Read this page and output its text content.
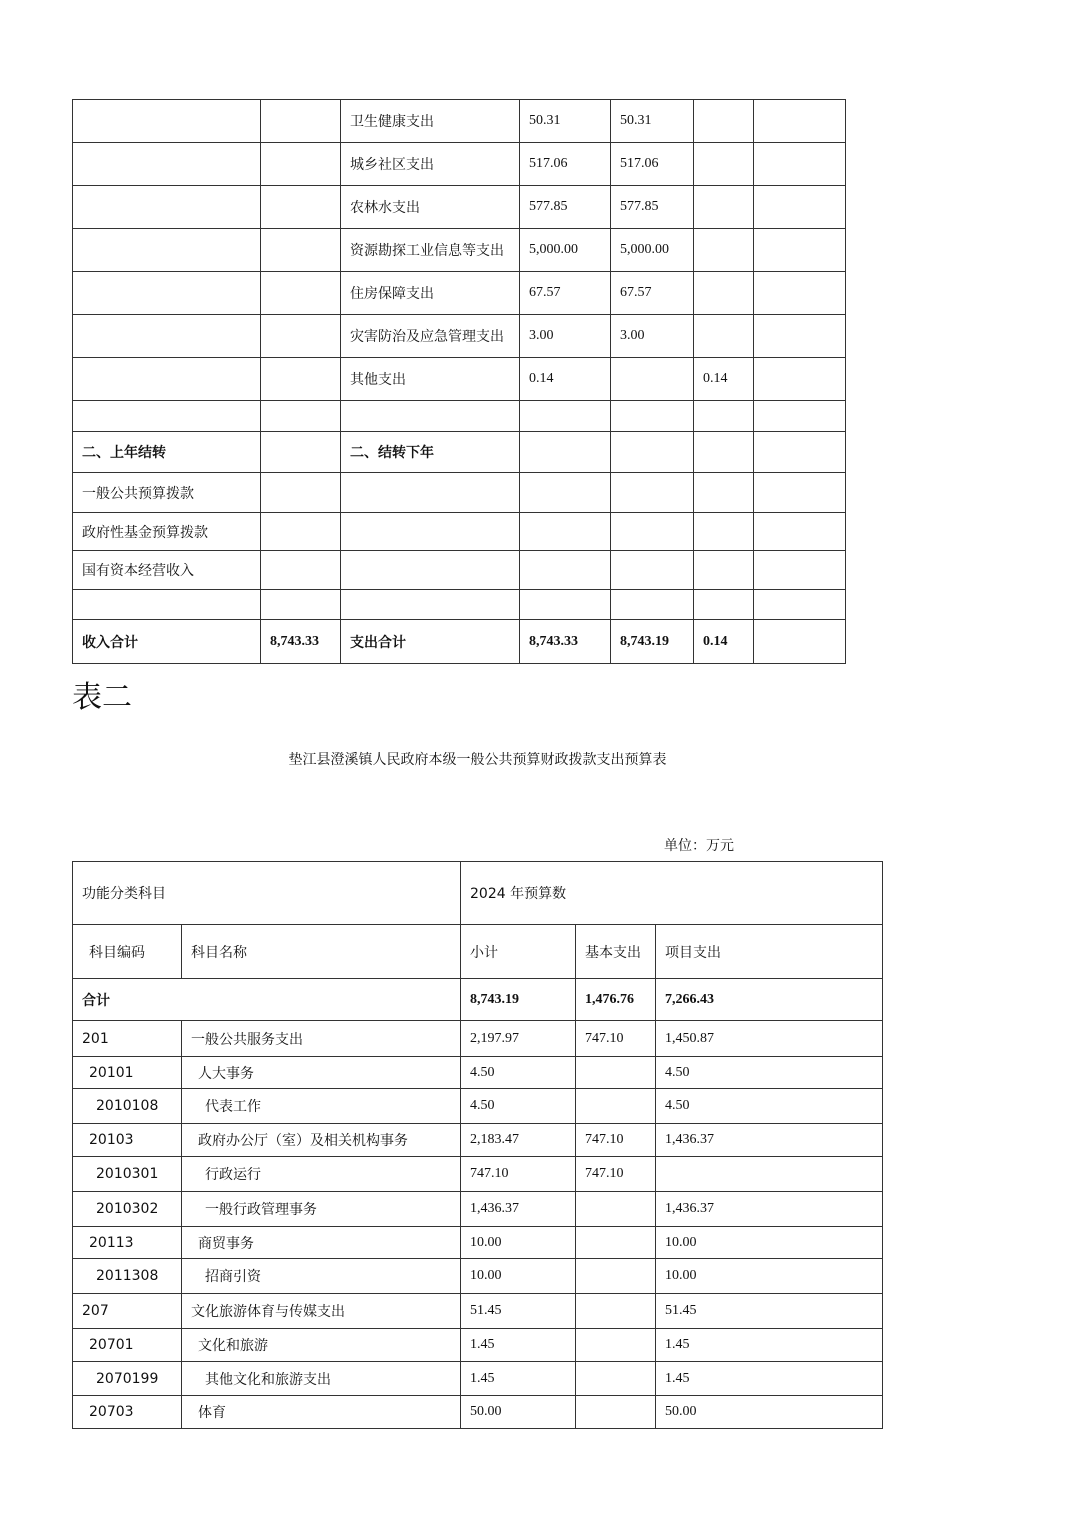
		卫生健康支出	50.31	50.31		
		城乡社区支出	517.06	517.06		
		农林水支出	577.85	577.85		
		资源勘探工业信息等支出	5,000.00	5,000.00		
		住房保障支出	67.57	67.57		
		灾害防治及应急管理支出	3.00	3.00		
		其他支出	0.14		0.14	

二、上年结转		二、结转下年				
一般公共预算拨款						
政府性基金预算拨款						
国有资本经营收入						

收入合计	8,743.33	支出合计	8,743.33	8,743.19	0.14	
表二
垫江县澄溪镇人民政府本级一般公共预算财政拨款支出预算表
单位：万元
功能分类科目		2024 年预算数		
科目编码	科目名称	小计	基本支出	项目支出
合计		8,743.19	1,476.76	7,266.43
201	一般公共服务支出	2,197.97	747.10	1,450.87
20101	人大事务	4.50		4.50
2010108	代表工作	4.50		4.50
20103	政府办公厅（室）及相关机构事务	2,183.47	747.10	1,436.37
2010301	行政运行	747.10	747.10	
2010302	一般行政管理事务	1,436.37		1,436.37
20113	商贸事务	10.00		10.00
2011308	招商引资	10.00		10.00
207	文化旅游体育与传媒支出	51.45		51.45
20701	文化和旅游	1.45		1.45
2070199	其他文化和旅游支出	1.45		1.45
20703	体育	50.00		50.00
